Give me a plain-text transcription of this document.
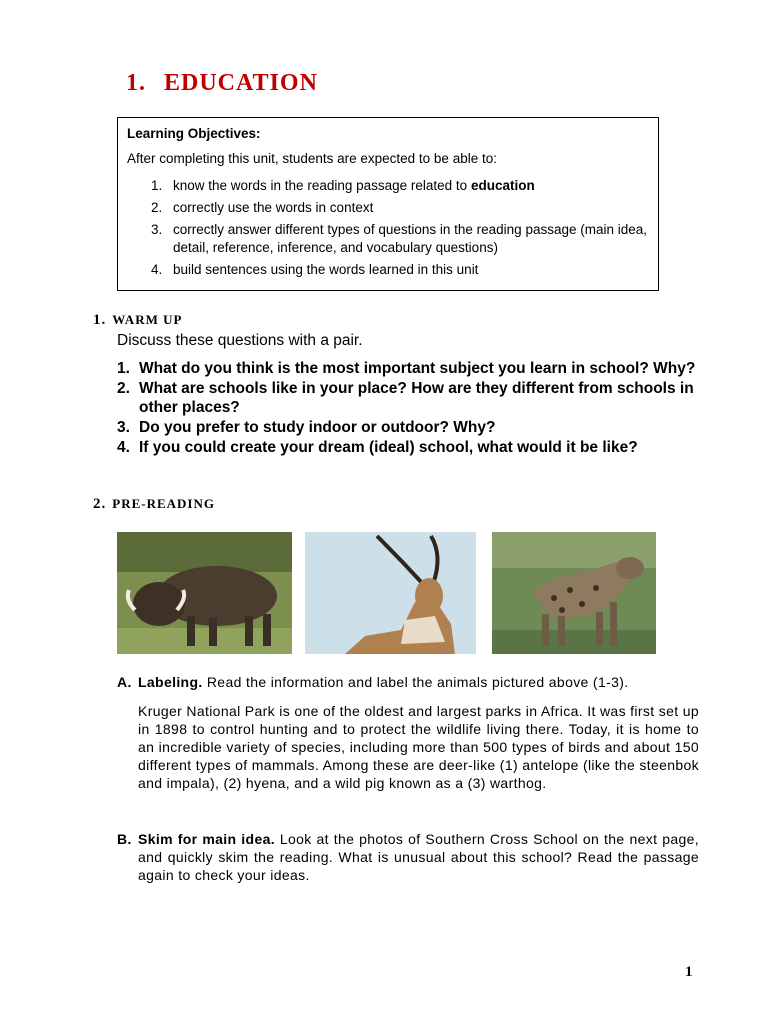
1. EDUCATION
Learning Objectives:
After completing this unit, students are expected to be able to:
1. know the words in the reading passage related to education
2. correctly use the words in context
3. correctly answer different types of questions in the reading passage (main idea, detail, reference, inference, and vocabulary questions)
4. build sentences using the words learned in this unit
1. WARM UP
Discuss these questions with a pair.
1. What do you think is the most important subject you learn in school? Why?
2. What are schools like in your place? How are they different from schools in other places?
3. Do you prefer to study indoor or outdoor? Why?
4. If you could create your dream (ideal) school, what would it be like?
2. PRE-READING
A. Labeling. Read the information and label the animals pictured above (1-3).

Kruger National Park is one of the oldest and largest parks in Africa. It was first set up in 1898 to control hunting and to protect the wildlife living there. Today, it is home to an incredible variety of species, including more than 500 types of birds and about 150 different types of mammals. Among these are deer-like (1) antelope (like the steenbok and impala), (2) hyena, and a wild pig known as a (3) warthog.

B. Skim for main idea. Look at the photos of Southern Cross School on the next page, and quickly skim the reading. What is unusual about this school? Read the passage again to check your ideas.
1
